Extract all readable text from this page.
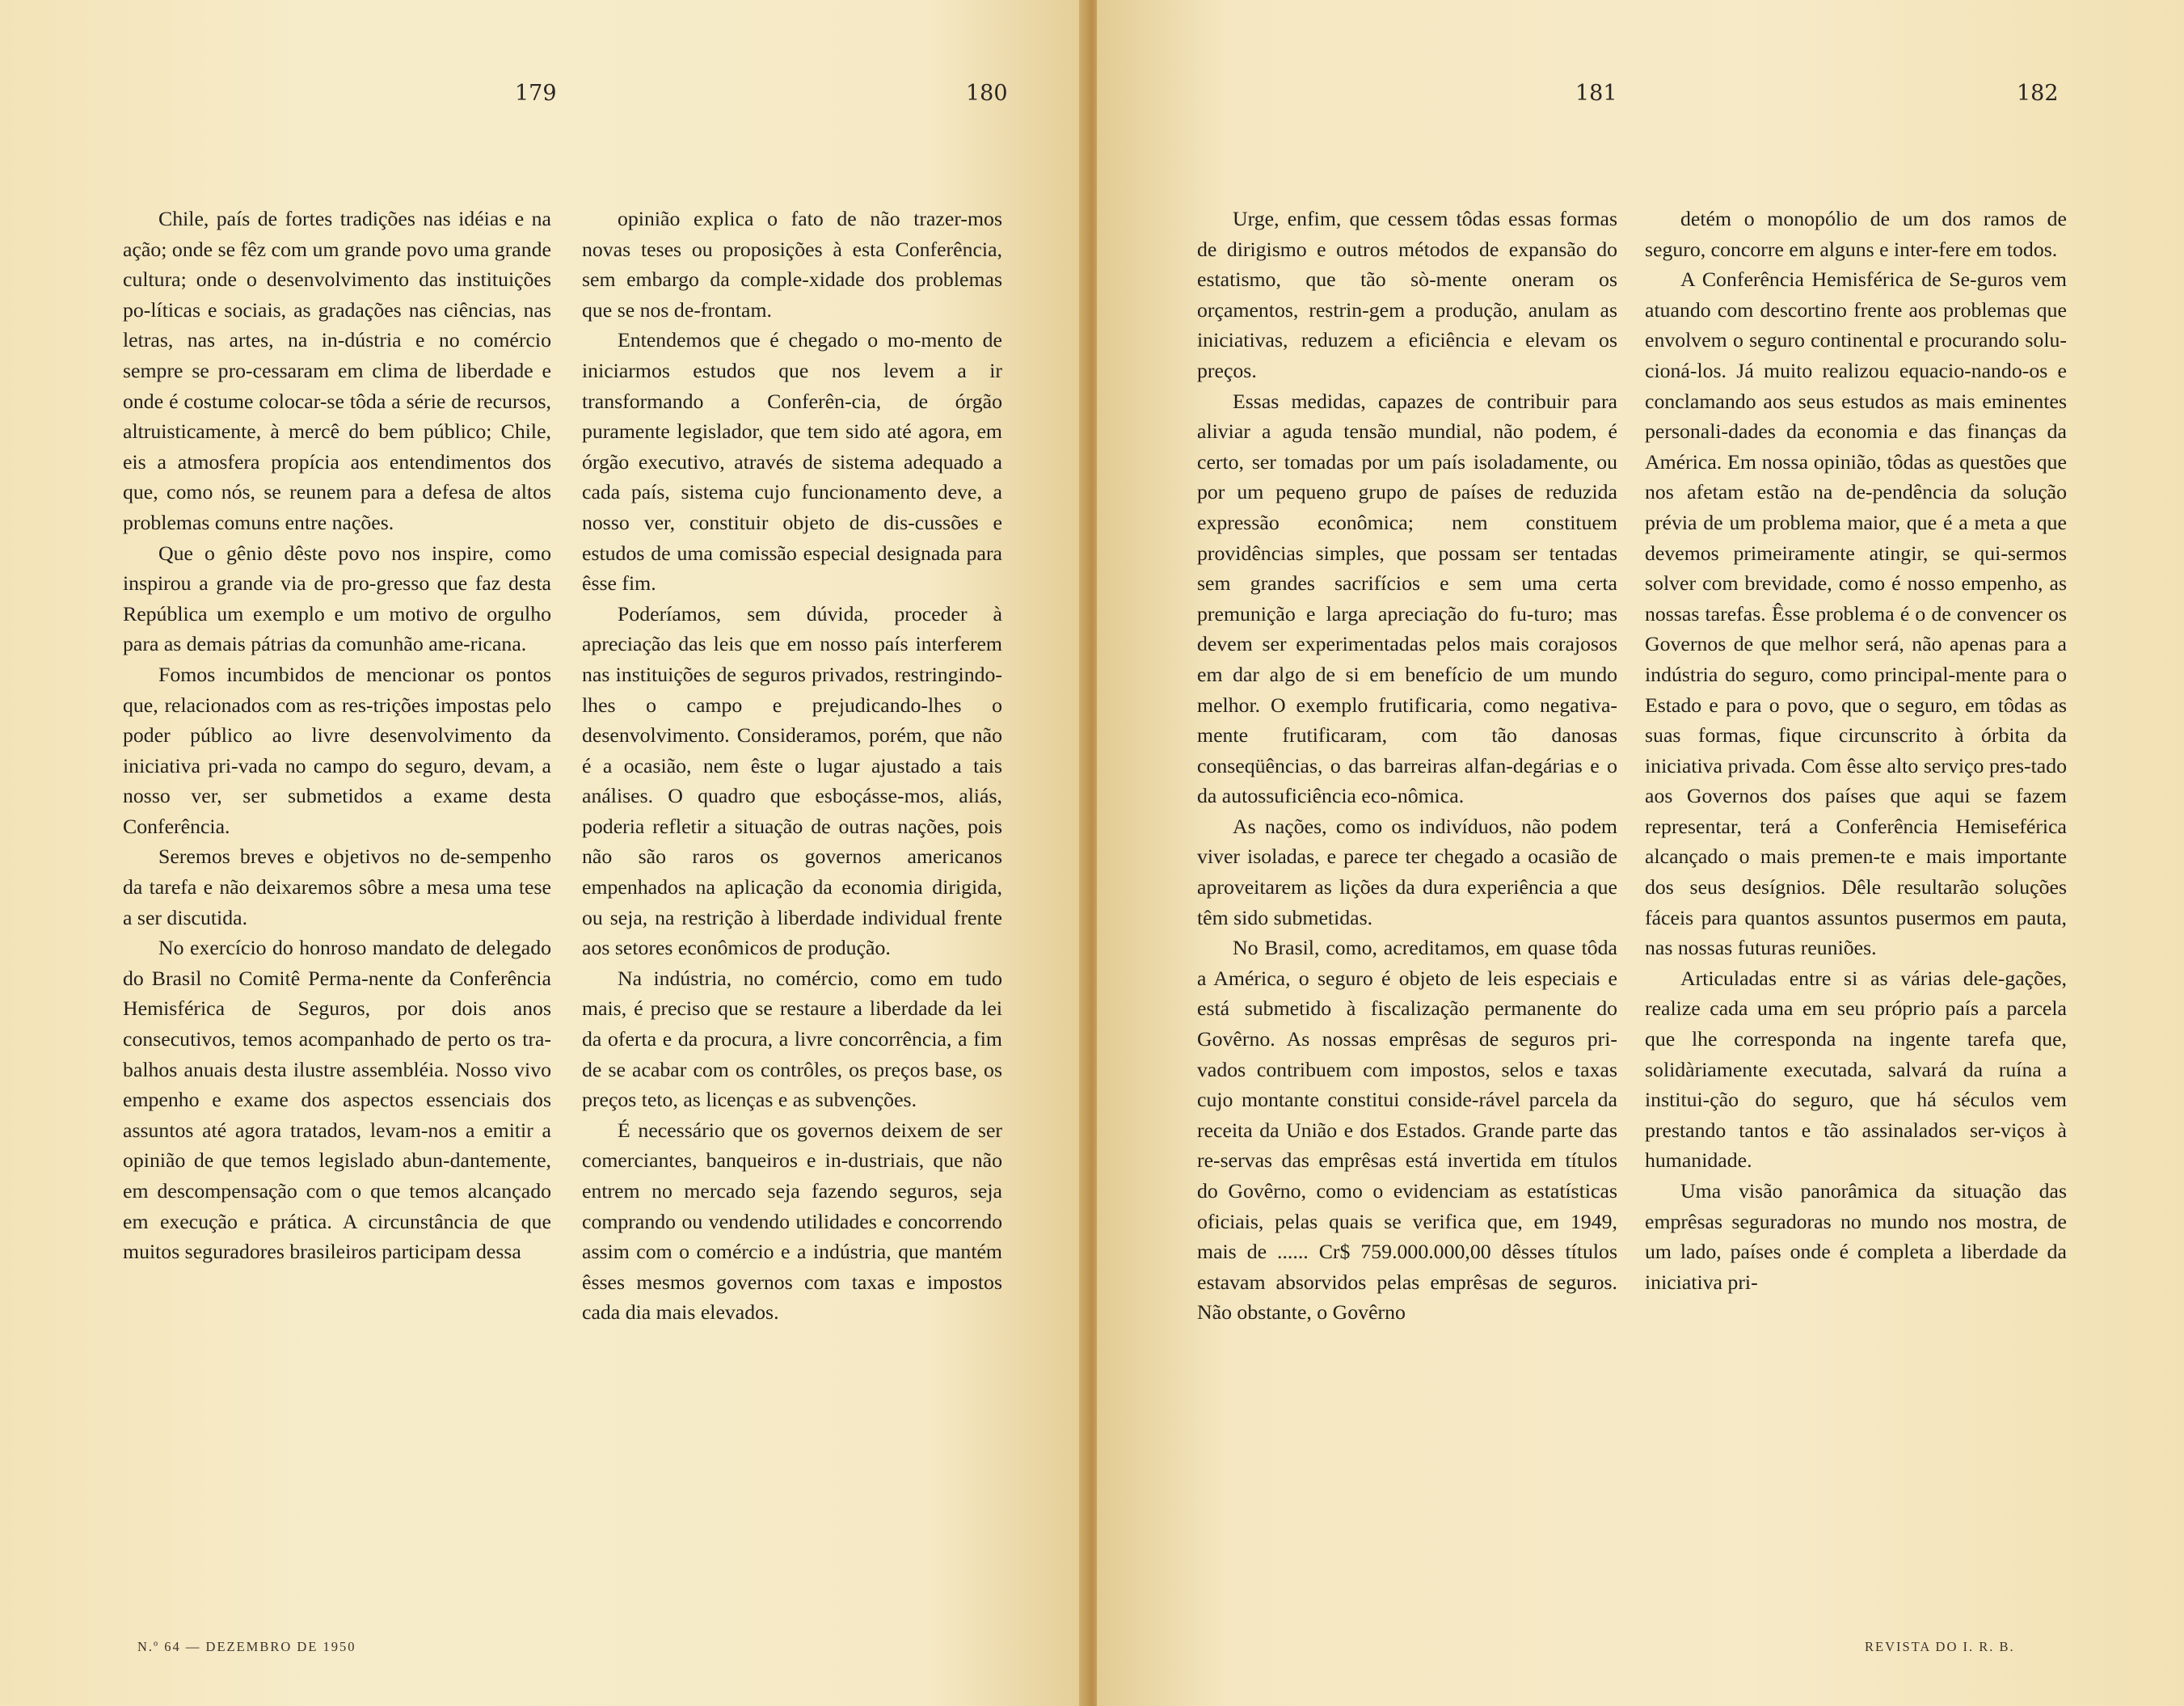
179	180

Chile, país de fortes tradições nas idéias e na ação; onde se fêz com um grande povo uma grande cultura; onde o desenvolvimento das instituições po-líticas e sociais, as gradações nas ciências, nas letras, nas artes, na in-dústria e no comércio sempre se pro-cessaram em clima de liberdade e onde é costume colocar-se tôda a série de recursos, altruisticamente, à mercê do bem público; Chile, eis a atmosfera propícia aos entendimentos dos que, como nós, se reunem para a defesa de altos problemas comuns entre nações.

Que o gênio dêste povo nos inspire, como inspirou a grande via de pro-gresso que faz desta República um exemplo e um motivo de orgulho para as demais pátrias da comunhão ame-ricana.

Fomos incumbidos de mencionar os pontos que, relacionados com as res-trições impostas pelo poder público ao livre desenvolvimento da iniciativa pri-vada no campo do seguro, devam, a nosso ver, ser submetidos a exame desta Conferência.

Seremos breves e objetivos no de-sempenho da tarefa e não deixaremos sôbre a mesa uma tese a ser discutida.

No exercício do honroso mandato de delegado do Brasil no Comitê Perma-nente da Conferência Hemisférica de Seguros, por dois anos consecutivos, temos acompanhado de perto os tra-balhos anuais desta ilustre assembléia. Nosso vivo empenho e exame dos aspectos essenciais dos assuntos até agora tratados, levam-nos a emitir a opinião de que temos legislado abun-dantemente, em descompensação com o que temos alcançado em execução e prática. A circunstância de que muitos seguradores brasileiros participam dessa

opinião explica o fato de não trazer-mos novas teses ou proposições à esta Conferência, sem embargo da comple-xidade dos problemas que se nos de-frontam.

Entendemos que é chegado o mo-mento de iniciarmos estudos que nos levem a ir transformando a Conferên-cia, de órgão puramente legislador, que tem sido até agora, em órgão executivo, através de sistema adequado a cada país, sistema cujo funcionamento deve, a nosso ver, constituir objeto de dis-cussões e estudos de uma comissão especial designada para êsse fim.

Poderíamos, sem dúvida, proceder à apreciação das leis que em nosso país interferem nas instituições de seguros privados, restringindo-lhes o campo e prejudicando-lhes o desenvolvimento. Consideramos, porém, que não é a ocasião, nem êste o lugar ajustado a tais análises. O quadro que esboçásse-mos, aliás, poderia refletir a situação de outras nações, pois não são raros os governos americanos empenhados na aplicação da economia dirigida, ou seja, na restrição à liberdade individual frente aos setores econômicos de produção.

Na indústria, no comércio, como em tudo mais, é preciso que se restaure a liberdade da lei da oferta e da procura, a livre concorrência, a fim de se acabar com os contrôles, os preços base, os preços teto, as licenças e as subvenções.

É necessário que os governos deixem de ser comerciantes, banqueiros e in-dustriais, que não entrem no mercado seja fazendo seguros, seja comprando ou vendendo utilidades e concorrendo assim com o comércio e a indústria, que mantém êsses mesmos governos com taxas e impostos cada dia mais elevados.

N.º 64 — DEZEMBRO DE 1950
181	182

Urge, enfim, que cessem tôdas essas formas de dirigismo e outros métodos de expansão do estatismo, que tão sò-mente oneram os orçamentos, restrin-gem a produção, anulam as iniciativas, reduzem a eficiência e elevam os preços.

Essas medidas, capazes de contribuir para aliviar a aguda tensão mundial, não podem, é certo, ser tomadas por um país isoladamente, ou por um pequeno grupo de países de reduzida expressão econômica; nem constituem providências simples, que possam ser tentadas sem grandes sacrifícios e sem uma certa premunição e larga apreciação do fu-turo; mas devem ser experimentadas pelos mais corajosos em dar algo de si em benefício de um mundo melhor. O exemplo frutificaria, como negativa-mente frutificaram, com tão danosas conseqüências, o das barreiras alfan-degárias e o da autossuficiência eco-nômica.

As nações, como os indivíduos, não podem viver isoladas, e parece ter chegado a ocasião de aproveitarem as lições da dura experiência a que têm sido submetidas.

No Brasil, como, acreditamos, em quase tôda a América, o seguro é objeto de leis especiais e está submetido à fiscalização permanente do Govêrno. As nossas emprêsas de seguros pri-vados contribuem com impostos, selos e taxas cujo montante constitui conside-rável parcela da receita da União e dos Estados. Grande parte das re-servas das emprêsas está invertida em títulos do Govêrno, como o evidenciam as estatísticas oficiais, pelas quais se verifica que, em 1949, mais de ...... Cr$ 759.000.000,00 dêsses títulos estavam absorvidos pelas emprêsas de seguros. Não obstante, o Govêrno

detém o monopólio de um dos ramos de seguro, concorre em alguns e inter-fere em todos.

A Conferência Hemisférica de Se-guros vem atuando com descortino frente aos problemas que envolvem o seguro continental e procurando solu-cioná-los. Já muito realizou equacio-nando-os e conclamando aos seus estudos as mais eminentes personali-dades da economia e das finanças da América. Em nossa opinião, tôdas as questões que nos afetam estão na de-pendência da solução prévia de um problema maior, que é a meta a que devemos primeiramente atingir, se qui-sermos solver com brevidade, como é nosso empenho, as nossas tarefas. Êsse problema é o de convencer os Governos de que melhor será, não apenas para a indústria do seguro, como principal-mente para o Estado e para o povo, que o seguro, em tôdas as suas formas, fique circunscrito à órbita da iniciativa privada. Com êsse alto serviço pres-tado aos Governos dos países que aqui se fazem representar, terá a Conferência Hemiseférica alcançado o mais premen-te e mais importante dos seus desígnios. Dêle resultarão soluções fáceis para quantos assuntos pusermos em pauta, nas nossas futuras reuniões.

Articuladas entre si as várias dele-gações, realize cada uma em seu próprio país a parcela que lhe corresponda na ingente tarefa que, solidàriamente executada, salvará da ruína a institui-ção do seguro, que há séculos vem prestando tantos e tão assinalados ser-viços à humanidade.

Uma visão panorâmica da situação das emprêsas seguradoras no mundo nos mostra, de um lado, países onde é completa a liberdade da iniciativa pri-

REVISTA DO I. R. B.
